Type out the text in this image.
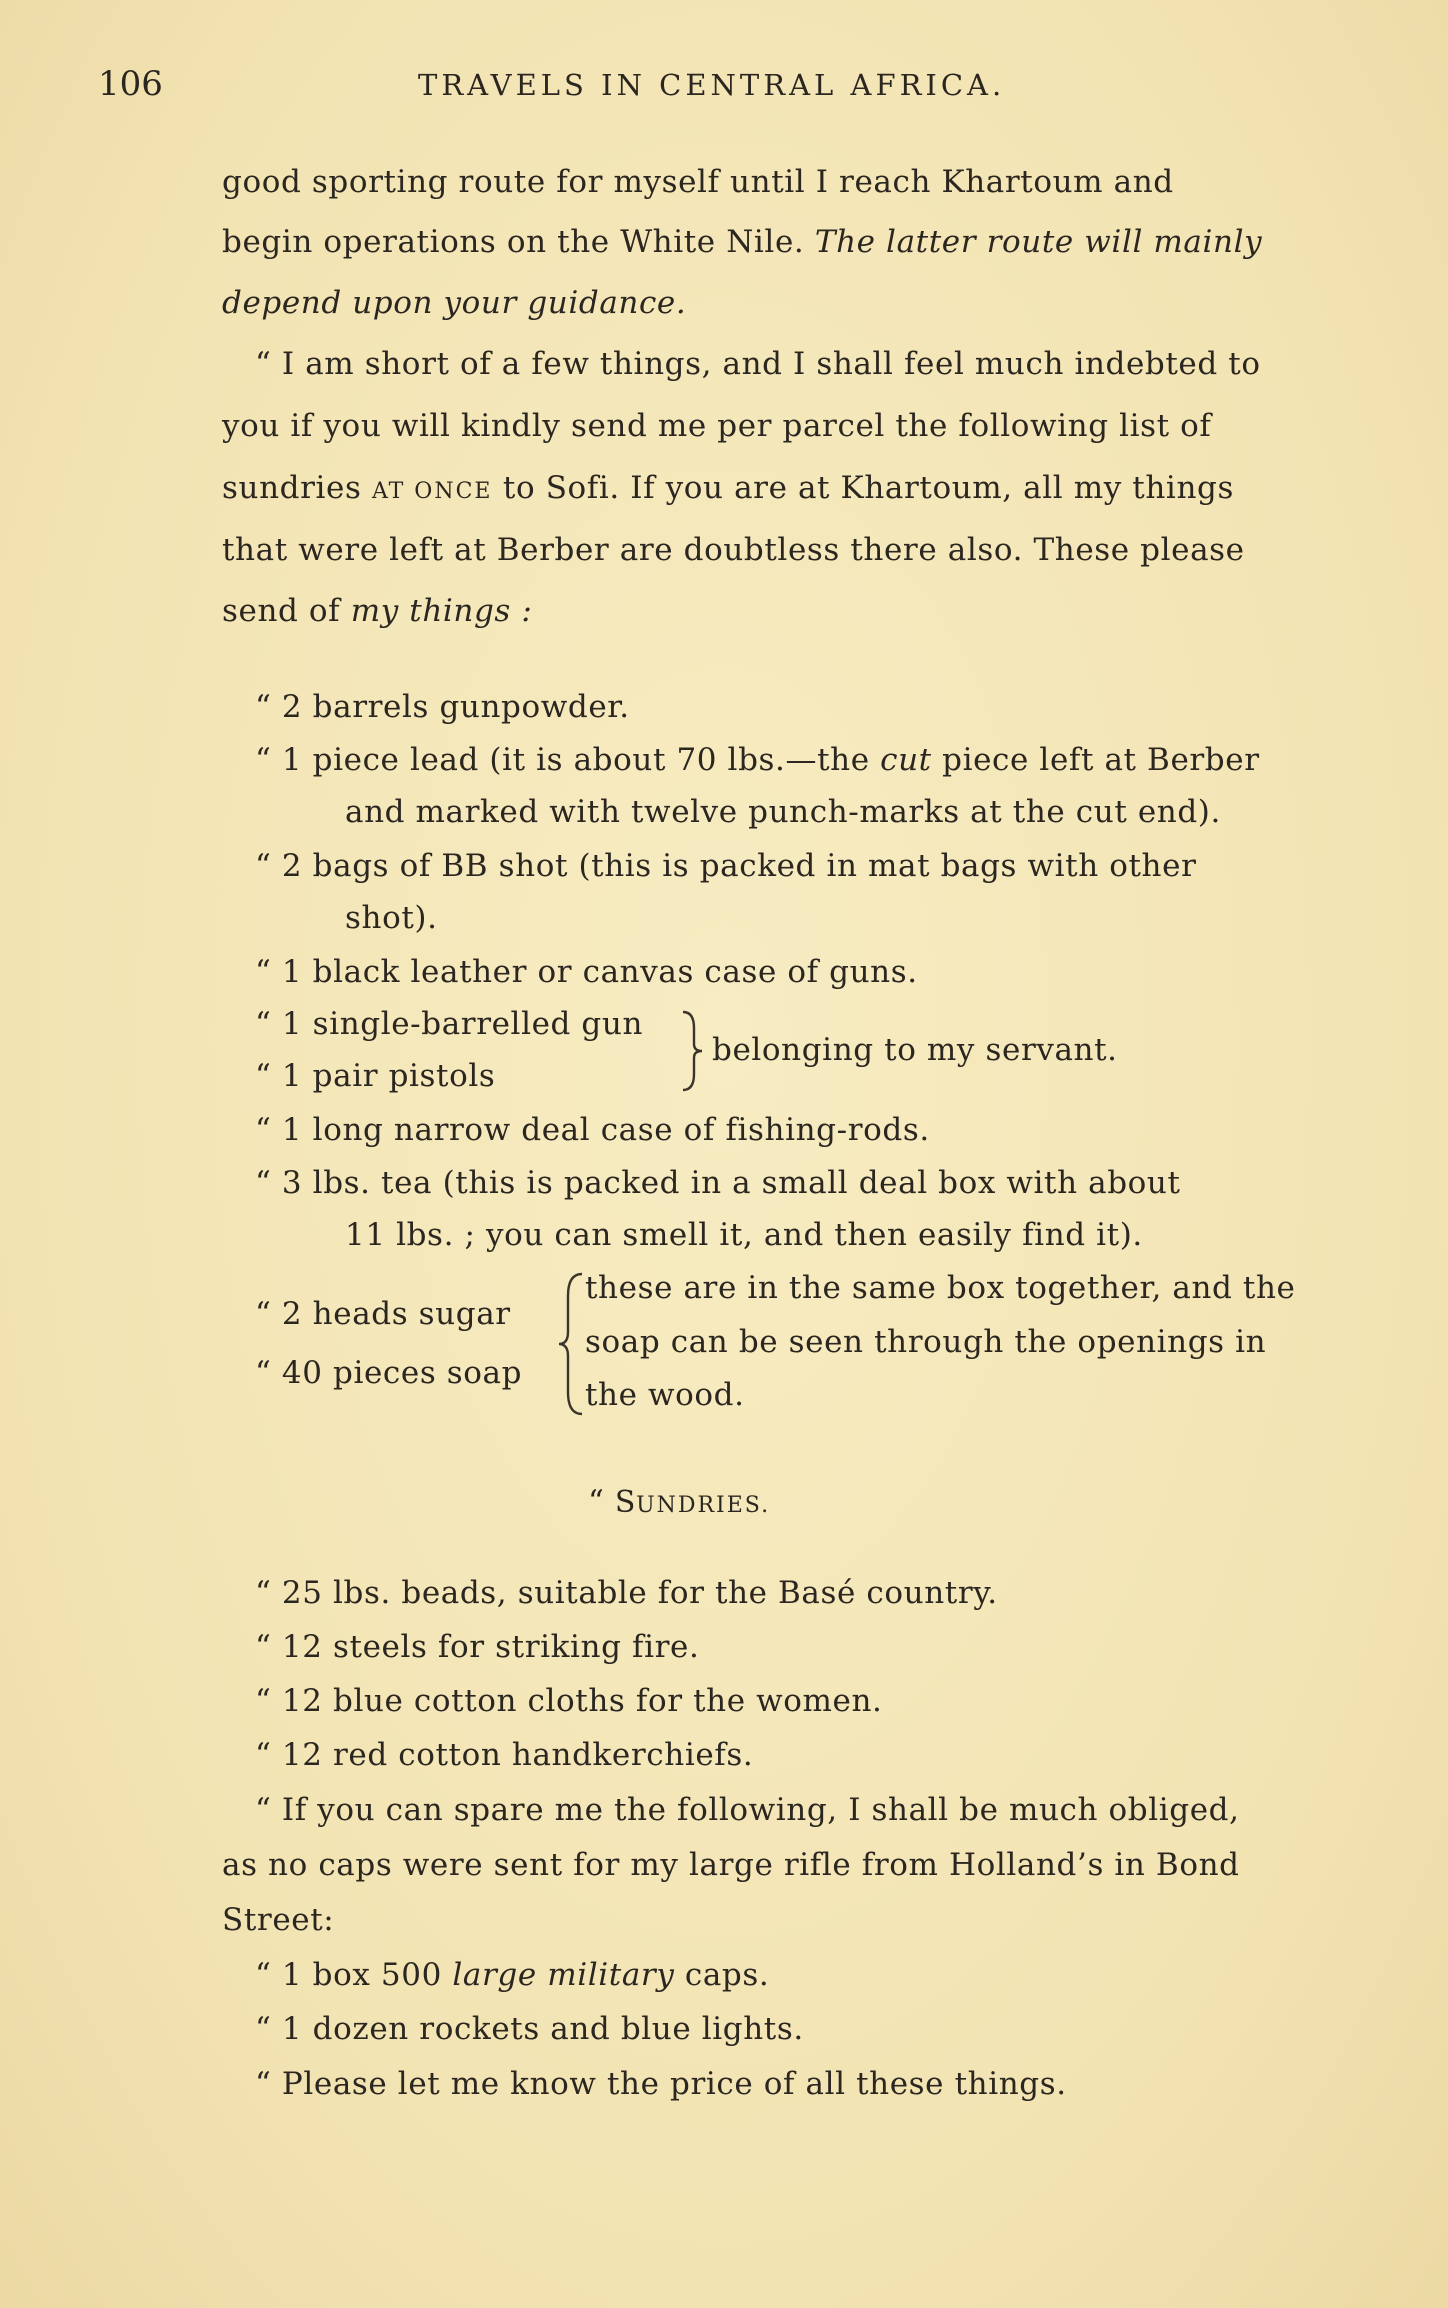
106	TRAVELS IN CENTRAL AFRICA.
good sporting route for myself until I reach Khartoum and
begin operations on the White Nile. The latter route will mainly
depend upon your guidance.
“ I am short of a few things, and I shall feel much indebted to
you if you will kindly send me per parcel the following list of
sundries AT ONCE to Sofi. If you are at Khartoum, all my things
that were left at Berber are doubtless there also. These please
send of my things :
“ 2 barrels gunpowder.
“ 1 piece lead (it is about 70 lbs.—the cut piece left at Berber
and marked with twelve punch-marks at the cut end).
“ 2 bags of BB shot (this is packed in mat bags with other
shot).
“ 1 black leather or canvas case of guns.
“ 1 single-barrelled gun
“ 1 pair pistols
belonging to my servant.
“ 1 long narrow deal case of fishing-rods.
“ 3 lbs. tea (this is packed in a small deal box with about
11 lbs. ; you can smell it, and then easily find it).
“ 2 heads sugar
“ 40 pieces soap
these are in the same box together, and the
soap can be seen through the openings in
the wood.
“ SUNDRIES.
“ 25 lbs. beads, suitable for the Basé country.
“ 12 steels for striking fire.
“ 12 blue cotton cloths for the women.
“ 12 red cotton handkerchiefs.
“ If you can spare me the following, I shall be much obliged,
as no caps were sent for my large rifle from Holland’s in Bond
Street:
“ 1 box 500 large military caps.
“ 1 dozen rockets and blue lights.
“ Please let me know the price of all these things.
